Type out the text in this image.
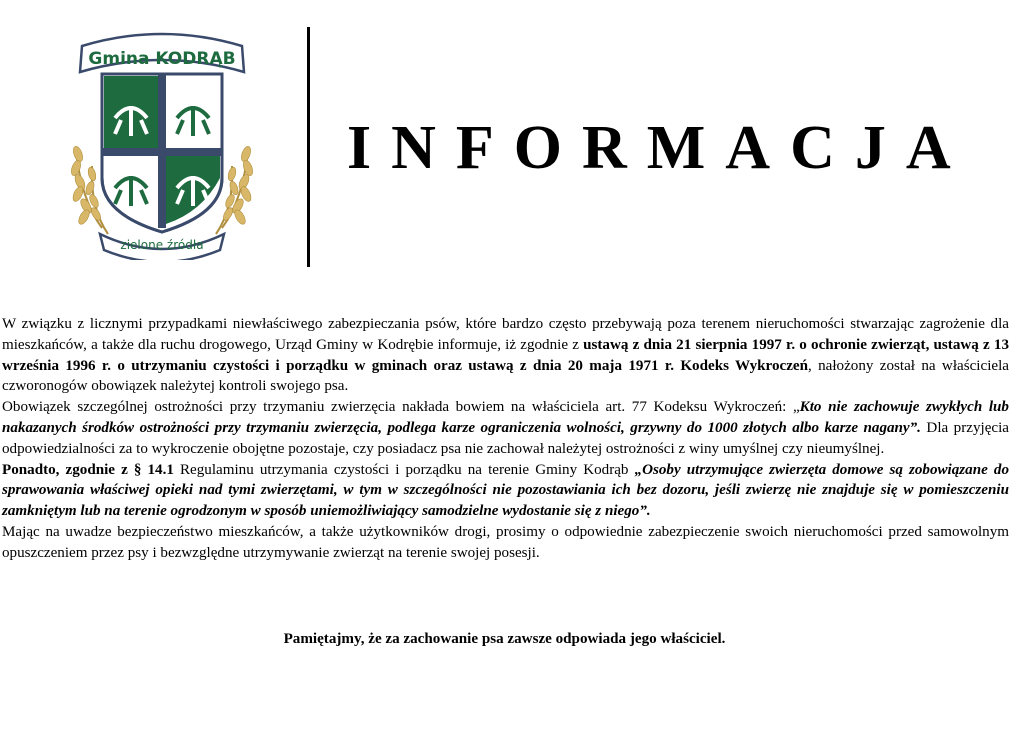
Gmina KODRĄB
zielone źródła
INFORMACJA

W związku z licznymi przypadkami niewłaściwego zabezpieczania psów, które bardzo często przebywają poza terenem nieruchomości stwarzając zagrożenie dla mieszkańców, a także dla ruchu drogowego, Urząd Gminy w Kodrębie informuje, iż zgodnie z ustawą z dnia 21 sierpnia 1997 r. o ochronie zwierząt, ustawą z 13 września 1996 r. o utrzymaniu czystości i porządku w gminach oraz ustawą z dnia 20 maja 1971 r. Kodeks Wykroczeń, nałożony został na właściciela czworonogów obowiązek należytej kontroli swojego psa.

Obowiązek szczególnej ostrożności przy trzymaniu zwierzęcia nakłada bowiem na właściciela art. 77 Kodeksu Wykroczeń: „Kto nie zachowuje zwykłych lub nakazanych środków ostrożności przy trzymaniu zwierzęcia, podlega karze ograniczenia wolności, grzywny do 1000 złotych albo karze nagany”. Dla przyjęcia odpowiedzialności za to wykroczenie obojętne pozostaje, czy posiadacz psa nie zachował należytej ostrożności z winy umyślnej czy nieumyślnej.

Ponadto, zgodnie z § 14.1 Regulaminu utrzymania czystości i porządku na terenie Gminy Kodrąb „Osoby utrzymujące zwierzęta domowe są zobowiązane do sprawowania właściwej opieki nad tymi zwierzętami, w tym w szczególności nie pozostawiania ich bez dozoru, jeśli zwierzę nie znajduje się w pomieszczeniu zamkniętym lub na terenie ogrodzonym w sposób uniemożliwiający samodzielne wydostanie się z niego”.

Mając na uwadze bezpieczeństwo mieszkańców, a także użytkowników drogi, prosimy o odpowiednie zabezpieczenie swoich nieruchomości przed samowolnym opuszczeniem przez psy i bezwzględne utrzymywanie zwierząt na terenie swojej posesji.

Pamiętajmy, że za zachowanie psa zawsze odpowiada jego właściciel.
